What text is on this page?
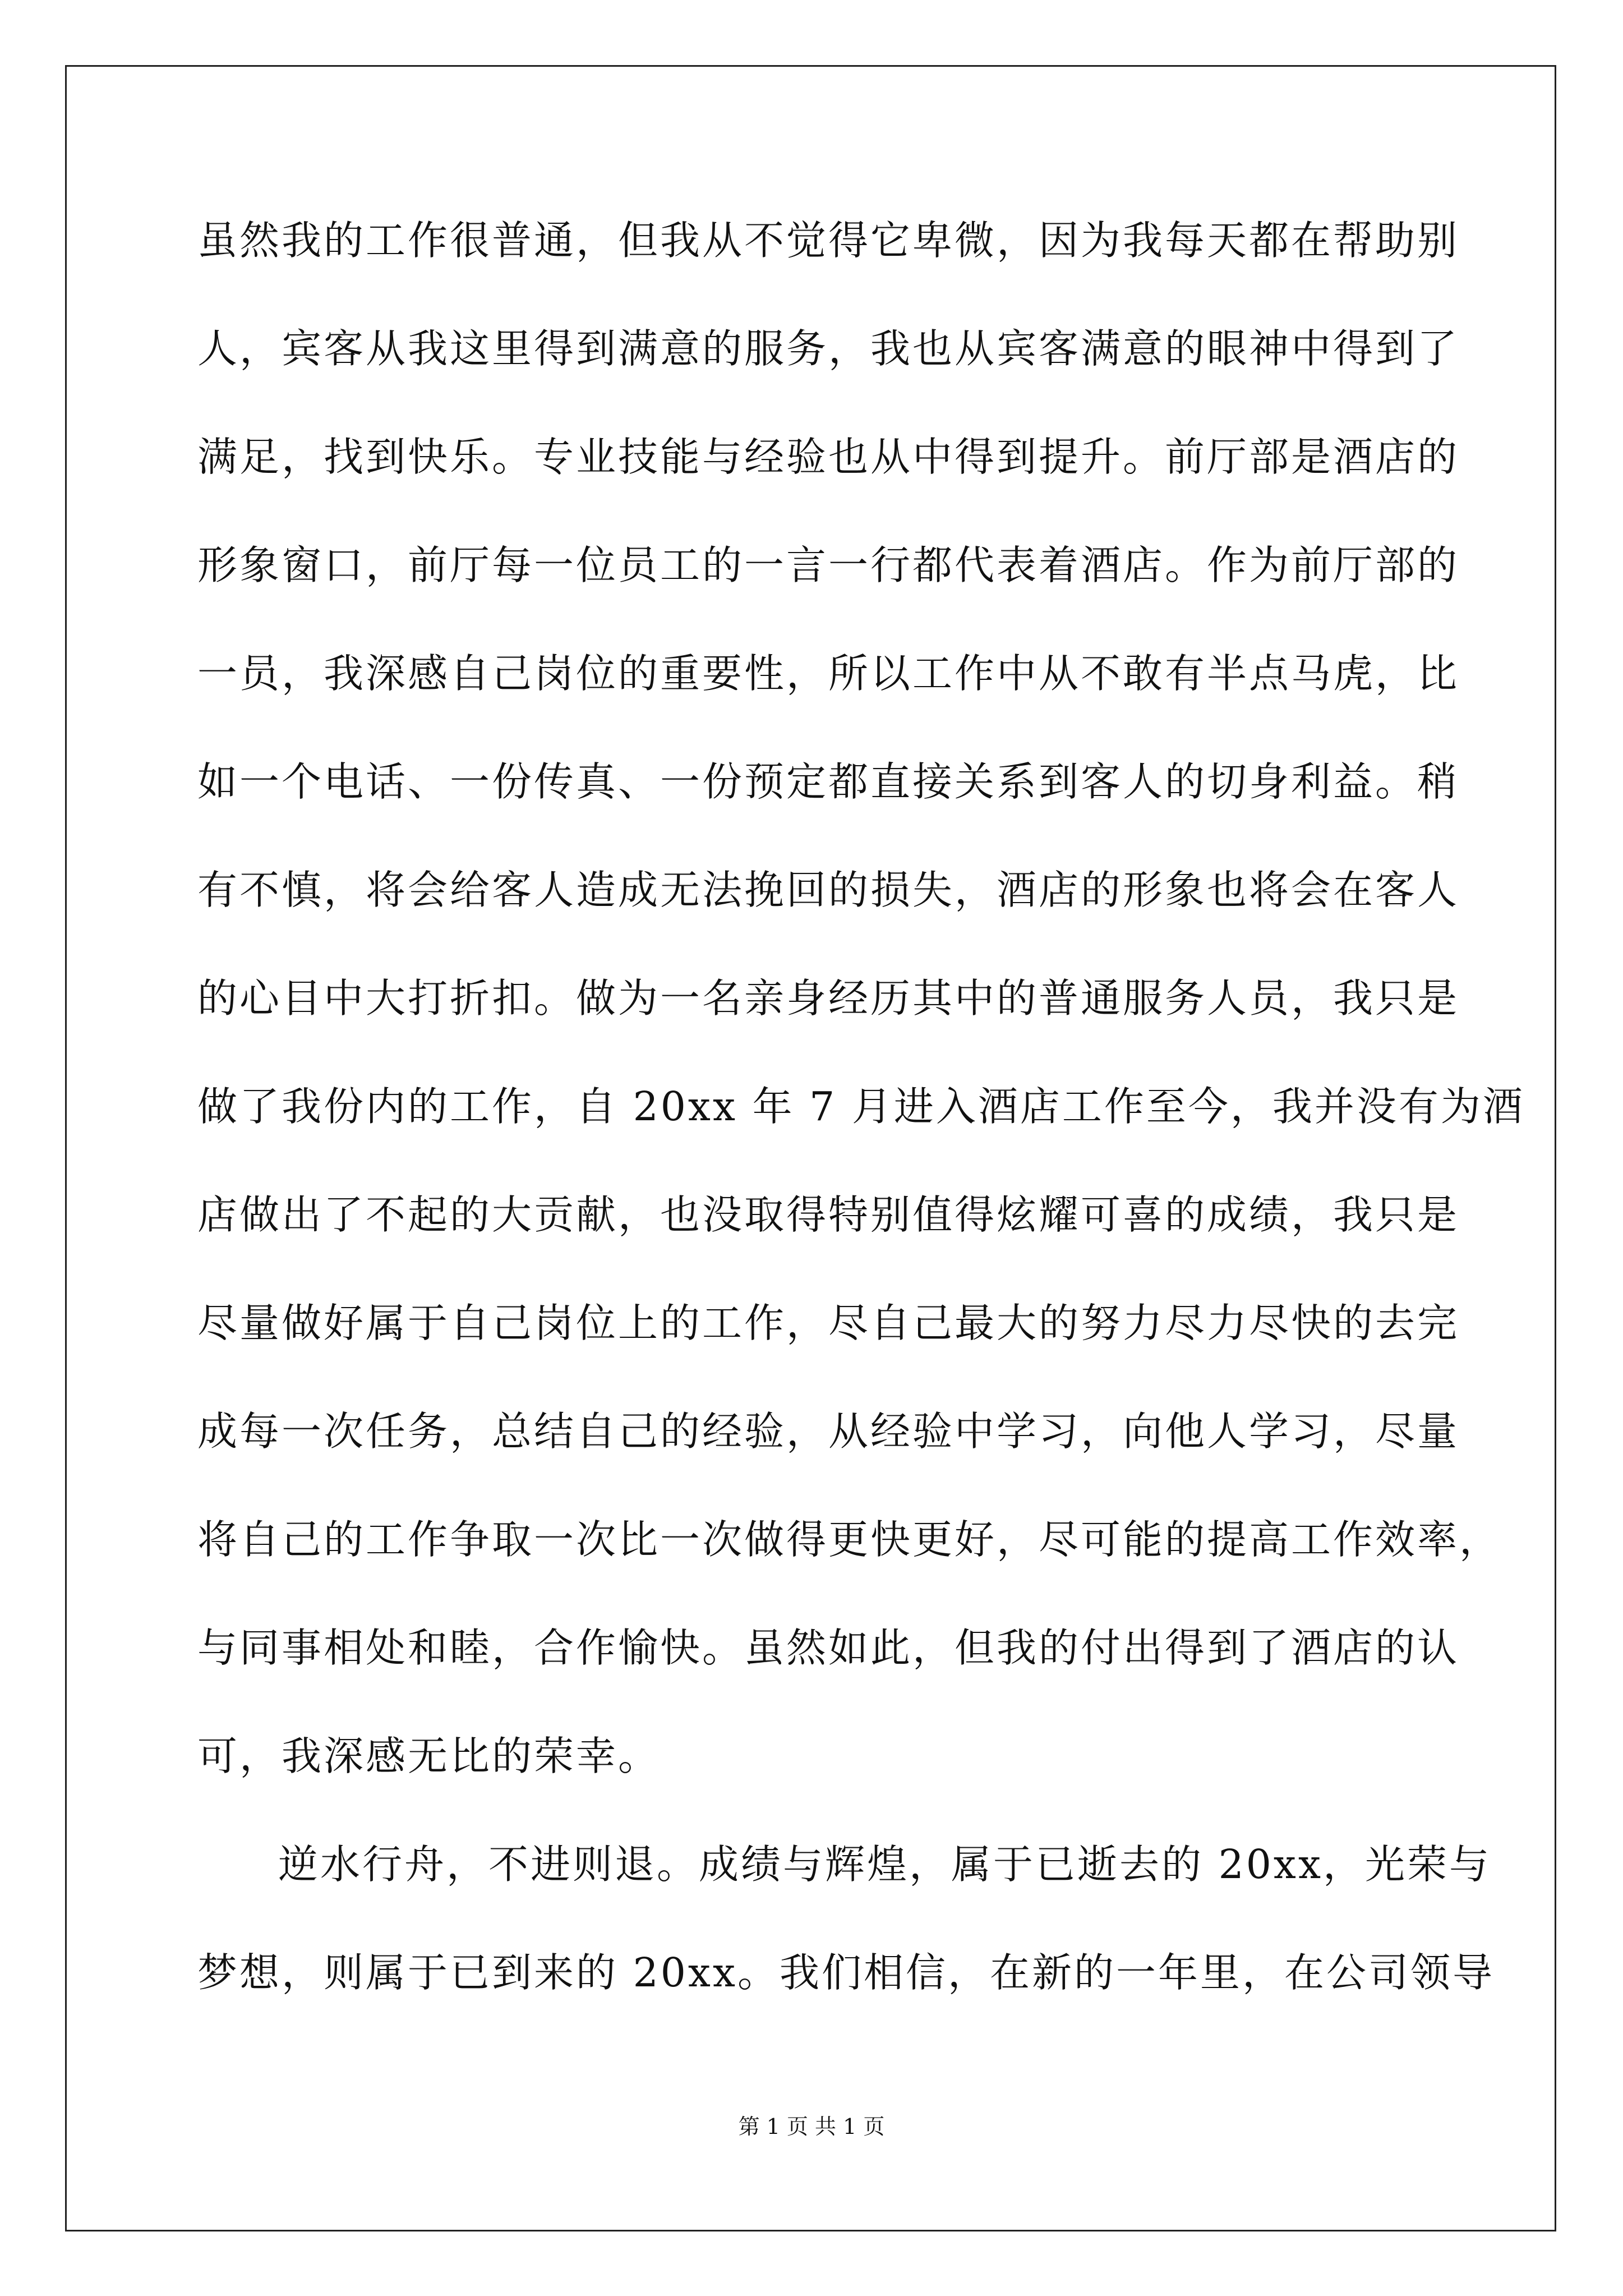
虽然我的工作很普通，但我从不觉得它卑微，因为我每天都在帮助别
人，宾客从我这里得到满意的服务，我也从宾客满意的眼神中得到了
满足，找到快乐。专业技能与经验也从中得到提升。前厅部是酒店的
形象窗口，前厅每一位员工的一言一行都代表着酒店。作为前厅部的
一员，我深感自己岗位的重要性，所以工作中从不敢有半点马虎，比
如一个电话、一份传真、一份预定都直接关系到客人的切身利益。稍
有不慎，将会给客人造成无法挽回的损失，酒店的形象也将会在客人
的心目中大打折扣。做为一名亲身经历其中的普通服务人员，我只是
做了我份内的工作，自 20xx 年 7 月进入酒店工作至今，我并没有为酒
店做出了不起的大贡献，也没取得特别值得炫耀可喜的成绩，我只是
尽量做好属于自己岗位上的工作，尽自己最大的努力尽力尽快的去完
成每一次任务，总结自己的经验，从经验中学习，向他人学习，尽量
将自己的工作争取一次比一次做得更快更好，尽可能的提高工作效率，
与同事相处和睦，合作愉快。虽然如此，但我的付出得到了酒店的认
可，我深感无比的荣幸。
逆水行舟，不进则退。成绩与辉煌，属于已逝去的 20xx，光荣与
梦想，则属于已到来的 20xx。我们相信，在新的一年里，在公司领导
第 1 页 共 1 页
